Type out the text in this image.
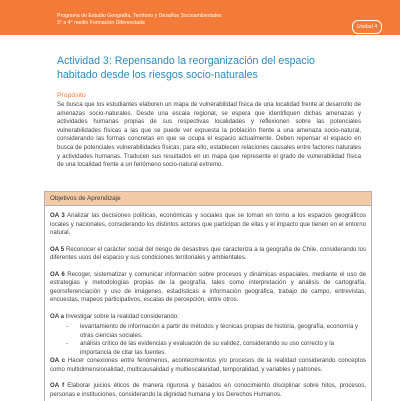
Programa de Estudio Geografía, Territorio y Desafíos Socioambientales
3° a 4° medio Formación Diferenciada
Unidad 4
Actividad 3: Repensando la reorganización del espacio habitado desde los riesgos socio-naturales
Propósito
Se busca que los estudiantes elaboren un mapa de vulnerabilidad física de una localidad frente al desarrollo de amenazas socio-naturales. Desde una escala regional, se espera que identifiquen dichas amenazas y actividades humanas propias de sus respectivas localidades y reflexionen sobre las potenciales vulnerabilidades físicas a las que se puede ver expuesta la población frente a una amenaza socio-natural, considerando las formas concretas en que se ocupa el espacio actualmente. Deben repensar el espacio en busca de potenciales vulnerabilidades físicas; para ello, establecen relaciones causales entre factores naturales y actividades humanas. Traducen sus resultados en un mapa que represente el grado de vulnerabilidad física de una localidad frente a un fenómeno socio-natural extremo.
Objetivos de Aprendizaje

OA 3 Analizar las decisiones políticas, económicas y sociales que se toman en torno a los espacios geográficos locales y nacionales, considerando los distintos actores que participan de ellas y el impacto que tienen en el entorno natural.

OA 5 Reconocer el carácter social del riesgo de desastres que caracteriza a la geografía de Chile, considerando los diferentes usos del espacio y sus condiciones territoriales y ambientales.

OA 6 Recoger, sistematizar y comunicar información sobre procesos y dinámicas espaciales, mediante el uso de estrategias y metodologías propias de la geografía, tales como interpretación y análisis de cartografía, georreferenciación y uso de imágenes, estadísticas e información geográfica, trabajo de campo, entrevistas, encuestas, mapeos participativos, escalas de percepción, entre otros.

OA a Investigar sobre la realidad considerando:

- levantamiento de información a partir de métodos y técnicas propias de historia, geografía, economía y otras ciencias sociales.
- análisis crítico de las evidencias y evaluación de su validez, considerando su uso correcto y la importancia de citar las fuentes.

OA c Hacer conexiones entre fenómenos, acontecimientos y/o procesos de la realidad considerando conceptos como multidimensionalidad, multicausalidad y multiescalaridad, temporalidad, y variables y patrones.

OA f Elaborar juicios éticos de manera rigurosa y basados en conocimiento disciplinar sobre hitos, procesos, personas e instituciones, considerando la dignidad humana y los Derechos Humanos.
